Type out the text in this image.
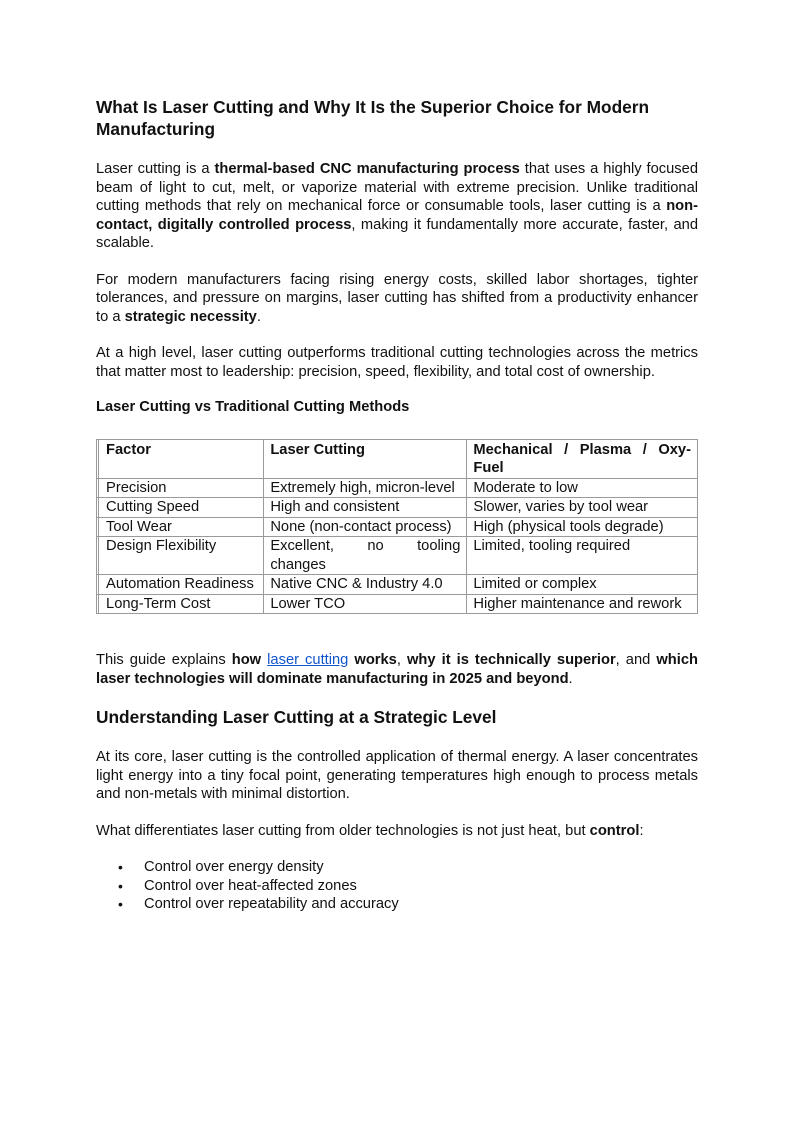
What Is Laser Cutting and Why It Is the Superior Choice for Modern Manufacturing

Laser cutting is a thermal-based CNC manufacturing process that uses a highly focused beam of light to cut, melt, or vaporize material with extreme precision. Unlike traditional cutting methods that rely on mechanical force or consumable tools, laser cutting is a non-contact, digitally controlled process, making it fundamentally more accurate, faster, and scalable.

For modern manufacturers facing rising energy costs, skilled labor shortages, tighter tolerances, and pressure on margins, laser cutting has shifted from a productivity enhancer to a strategic necessity.

At a high level, laser cutting outperforms traditional cutting technologies across the metrics that matter most to leadership: precision, speed, flexibility, and total cost of ownership.

Laser Cutting vs Traditional Cutting Methods
	Factor	Laser Cutting	Mechanical / Plasma / Oxy-Fuel
	Precision	Extremely high, micron-level	Moderate to low
	Cutting Speed	High and consistent	Slower, varies by tool wear
	Tool Wear	None (non-contact process)	High (physical tools degrade)
	Design Flexibility	Excellent, no tooling changes	Limited, tooling required
	Automation Readiness	Native CNC & Industry 4.0	Limited or complex
	Long-Term Cost	Lower TCO	Higher maintenance and rework

This guide explains how laser cutting works, why it is technically superior, and which laser technologies will dominate manufacturing in 2025 and beyond.

Understanding Laser Cutting at a Strategic Level

At its core, laser cutting is the controlled application of thermal energy. A laser concentrates light energy into a tiny focal point, generating temperatures high enough to process metals and non-metals with minimal distortion.

What differentiates laser cutting from older technologies is not just heat, but control:

• Control over energy density
• Control over heat-affected zones
• Control over repeatability and accuracy
